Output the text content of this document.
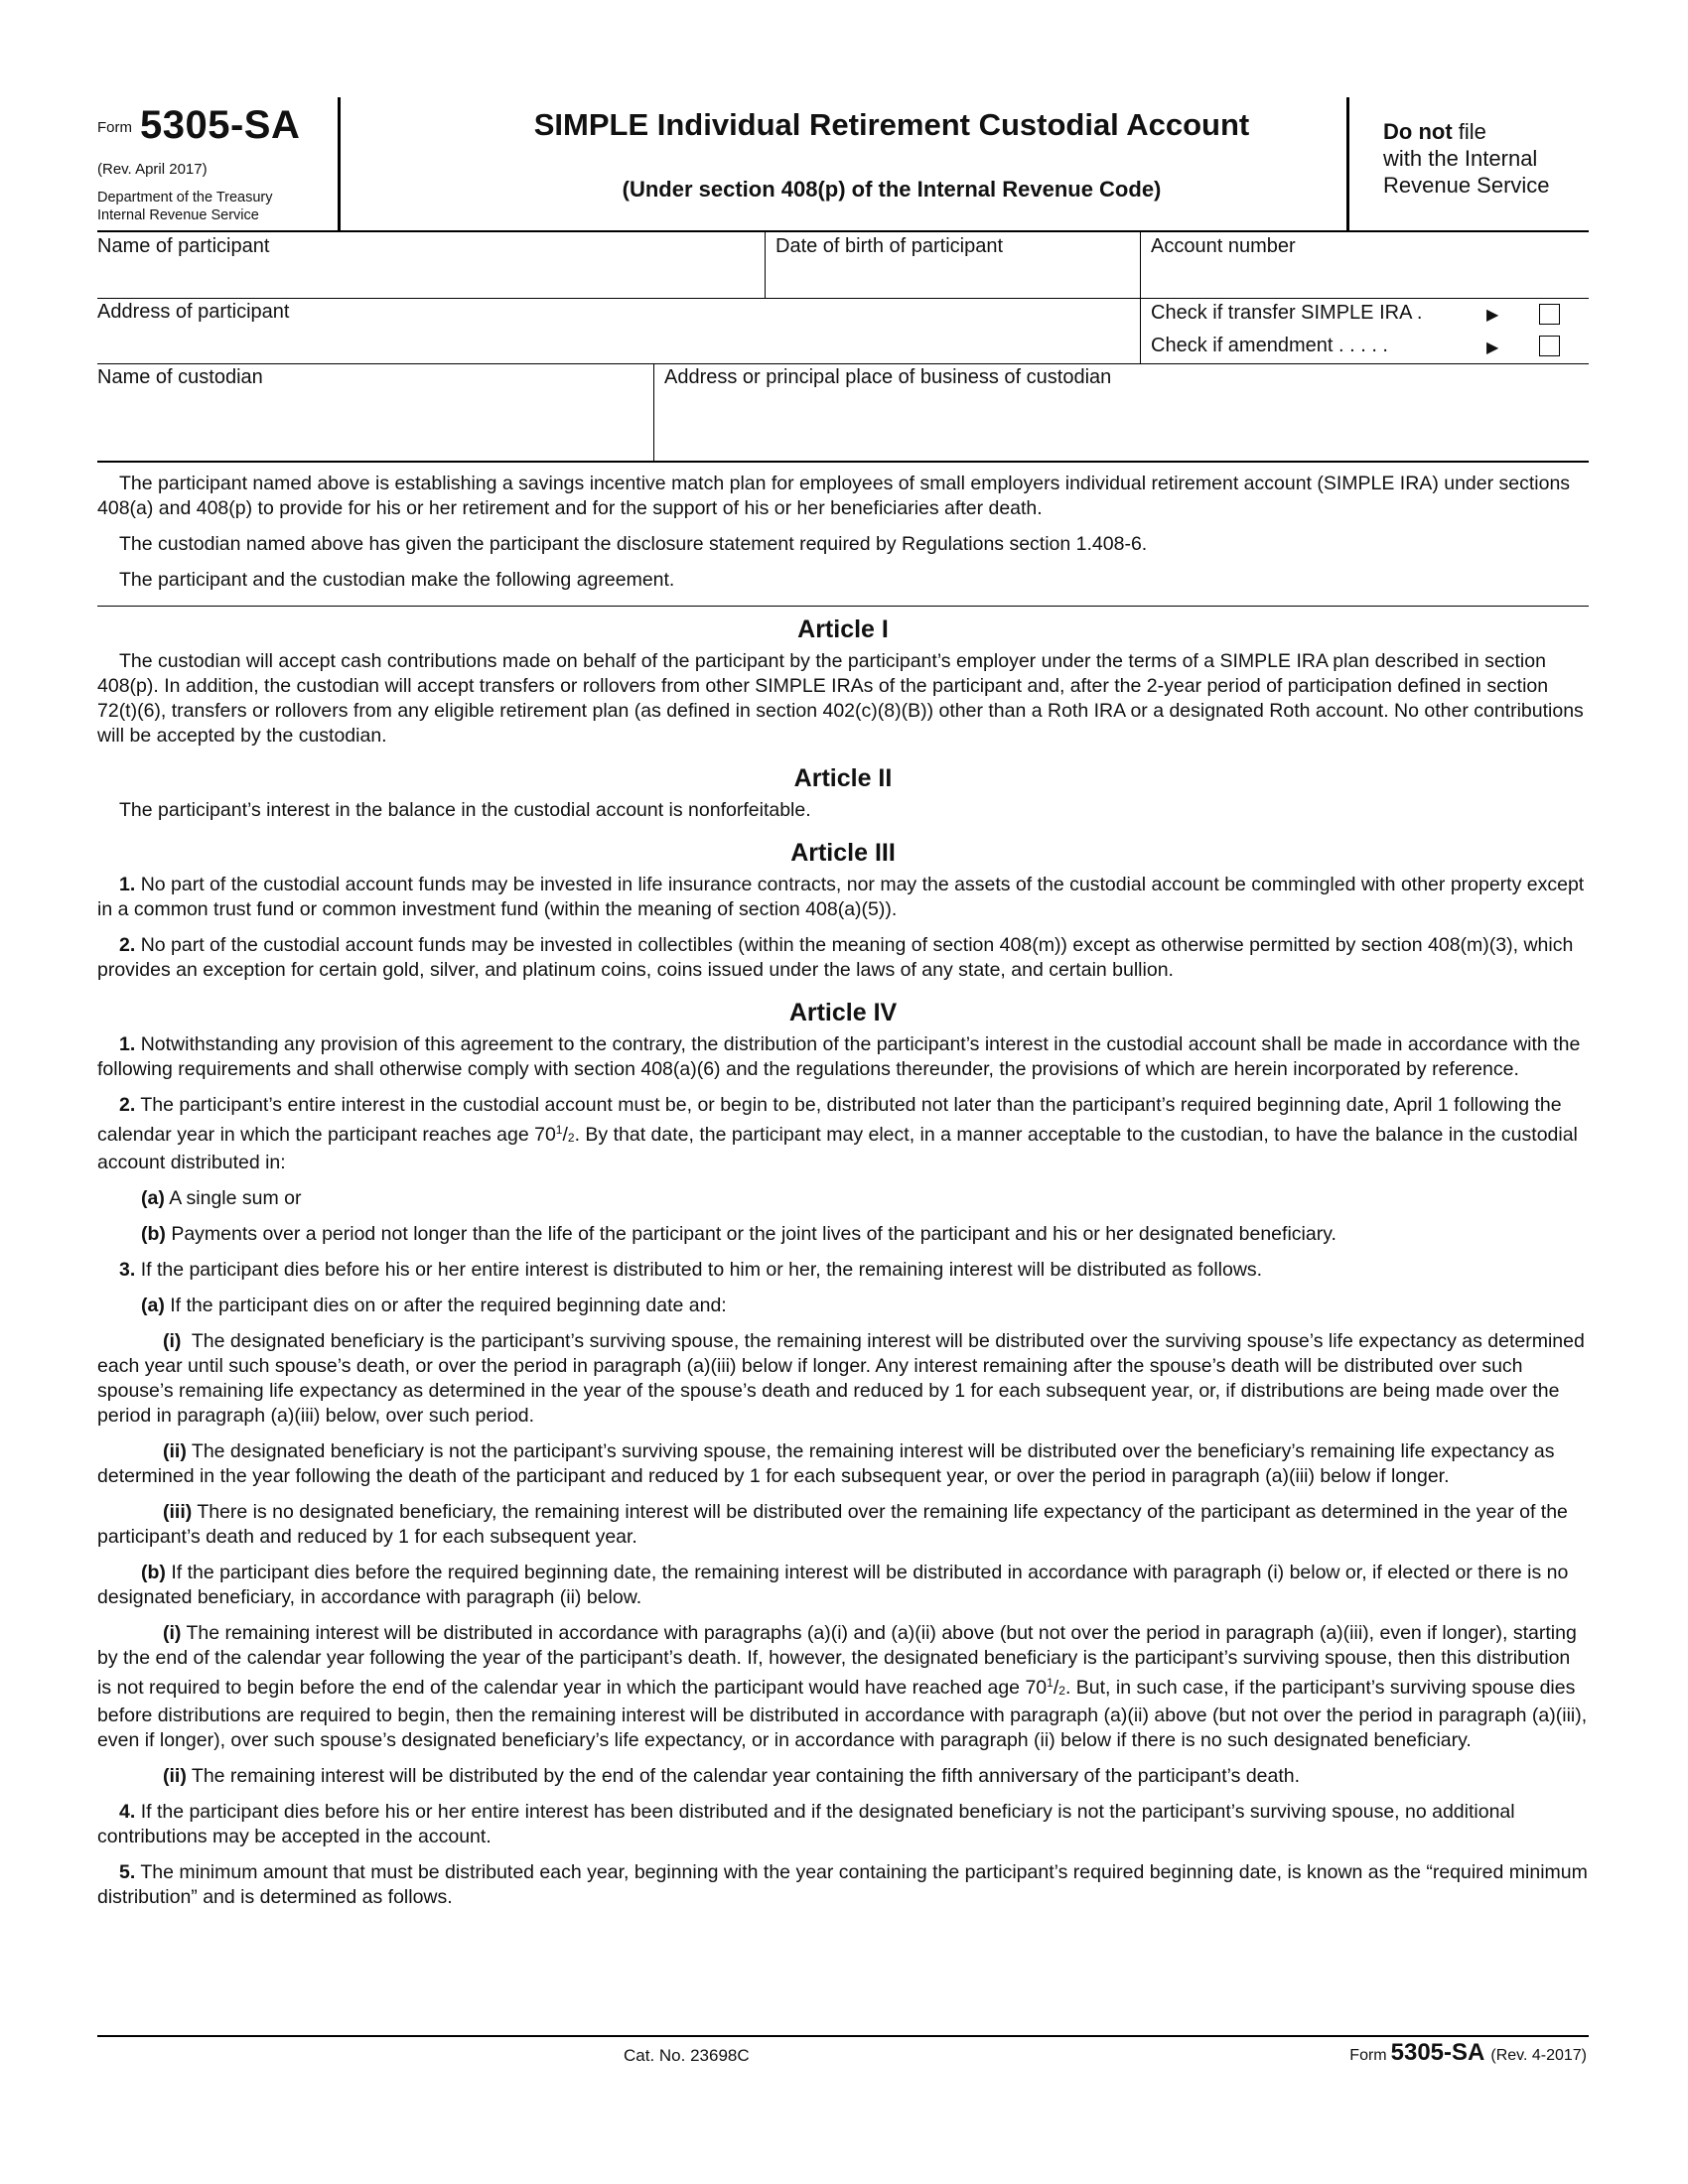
Form 5305-SA
(Rev. April 2017)
Department of the Treasury
Internal Revenue Service
SIMPLE Individual Retirement Custodial Account
(Under section 408(p) of the Internal Revenue Code)
Do not file
with the Internal
Revenue Service
Name of participant	Date of birth of participant	Account number
Address of participant	Check if transfer SIMPLE IRA .	▶
Check if amendment . . . . .	▶
Name of custodian	Address or principal place of business of custodian

The participant named above is establishing a savings incentive match plan for employees of small employers individual retirement account (SIMPLE IRA) under sections 408(a) and 408(p) to provide for his or her retirement and for the support of his or her beneficiaries after death.

The custodian named above has given the participant the disclosure statement required by Regulations section 1.408-6.

The participant and the custodian make the following agreement.

Article I

The custodian will accept cash contributions made on behalf of the participant by the participant’s employer under the terms of a SIMPLE IRA plan described in section 408(p). In addition, the custodian will accept transfers or rollovers from other SIMPLE IRAs of the participant and, after the 2-year period of participation defined in section 72(t)(6), transfers or rollovers from any eligible retirement plan (as defined in section 402(c)(8)(B)) other than a Roth IRA or a designated Roth account. No other contributions will be accepted by the custodian.

Article II

The participant’s interest in the balance in the custodial account is nonforfeitable.

Article III

1. No part of the custodial account funds may be invested in life insurance contracts, nor may the assets of the custodial account be commingled with other property except in a common trust fund or common investment fund (within the meaning of section 408(a)(5)).

2. No part of the custodial account funds may be invested in collectibles (within the meaning of section 408(m)) except as otherwise permitted by section 408(m)(3), which provides an exception for certain gold, silver, and platinum coins, coins issued under the laws of any state, and certain bullion.

Article IV

1. Notwithstanding any provision of this agreement to the contrary, the distribution of the participant’s interest in the custodial account shall be made in accordance with the following requirements and shall otherwise comply with section 408(a)(6) and the regulations thereunder, the provisions of which are herein incorporated by reference.

2. The participant’s entire interest in the custodial account must be, or begin to be, distributed not later than the participant’s required beginning date, April 1 following the calendar year in which the participant reaches age $70^1/_2$. By that date, the participant may elect, in a manner acceptable to the custodian, to have the balance in the custodial account distributed in:

(a) A single sum or

(b) Payments over a period not longer than the life of the participant or the joint lives of the participant and his or her designated beneficiary.

3. If the participant dies before his or her entire interest is distributed to him or her, the remaining interest will be distributed as follows.

(a) If the participant dies on or after the required beginning date and:

(i) The designated beneficiary is the participant’s surviving spouse, the remaining interest will be distributed over the surviving spouse’s life expectancy as determined each year until such spouse’s death, or over the period in paragraph (a)(iii) below if longer. Any interest remaining after the spouse’s death will be distributed over such spouse’s remaining life expectancy as determined in the year of the spouse’s death and reduced by 1 for each subsequent year, or, if distributions are being made over the period in paragraph (a)(iii) below, over such period.

(ii) The designated beneficiary is not the participant’s surviving spouse, the remaining interest will be distributed over the beneficiary’s remaining life expectancy as determined in the year following the death of the participant and reduced by 1 for each subsequent year, or over the period in paragraph (a)(iii) below if longer.

(iii) There is no designated beneficiary, the remaining interest will be distributed over the remaining life expectancy of the participant as determined in the year of the participant’s death and reduced by 1 for each subsequent year.

(b) If the participant dies before the required beginning date, the remaining interest will be distributed in accordance with paragraph (i) below or, if elected or there is no designated beneficiary, in accordance with paragraph (ii) below.

(i) The remaining interest will be distributed in accordance with paragraphs (a)(i) and (a)(ii) above (but not over the period in paragraph (a)(iii), even if longer), starting by the end of the calendar year following the year of the participant’s death. If, however, the designated beneficiary is the participant’s surviving spouse, then this distribution is not required to begin before the end of the calendar year in which the participant would have reached age $70^1/_2$. But, in such case, if the participant’s surviving spouse dies before distributions are required to begin, then the remaining interest will be distributed in accordance with paragraph (a)(ii) above (but not over the period in paragraph (a)(iii), even if longer), over such spouse’s designated beneficiary’s life expectancy, or in accordance with paragraph (ii) below if there is no such designated beneficiary.

(ii) The remaining interest will be distributed by the end of the calendar year containing the fifth anniversary of the participant’s death.

4. If the participant dies before his or her entire interest has been distributed and if the designated beneficiary is not the participant’s surviving spouse, no additional contributions may be accepted in the account.

5. The minimum amount that must be distributed each year, beginning with the year containing the participant’s required beginning date, is known as the “required minimum distribution” and is determined as follows.

Cat. No. 23698C	Form 5305-SA (Rev. 4-2017)
